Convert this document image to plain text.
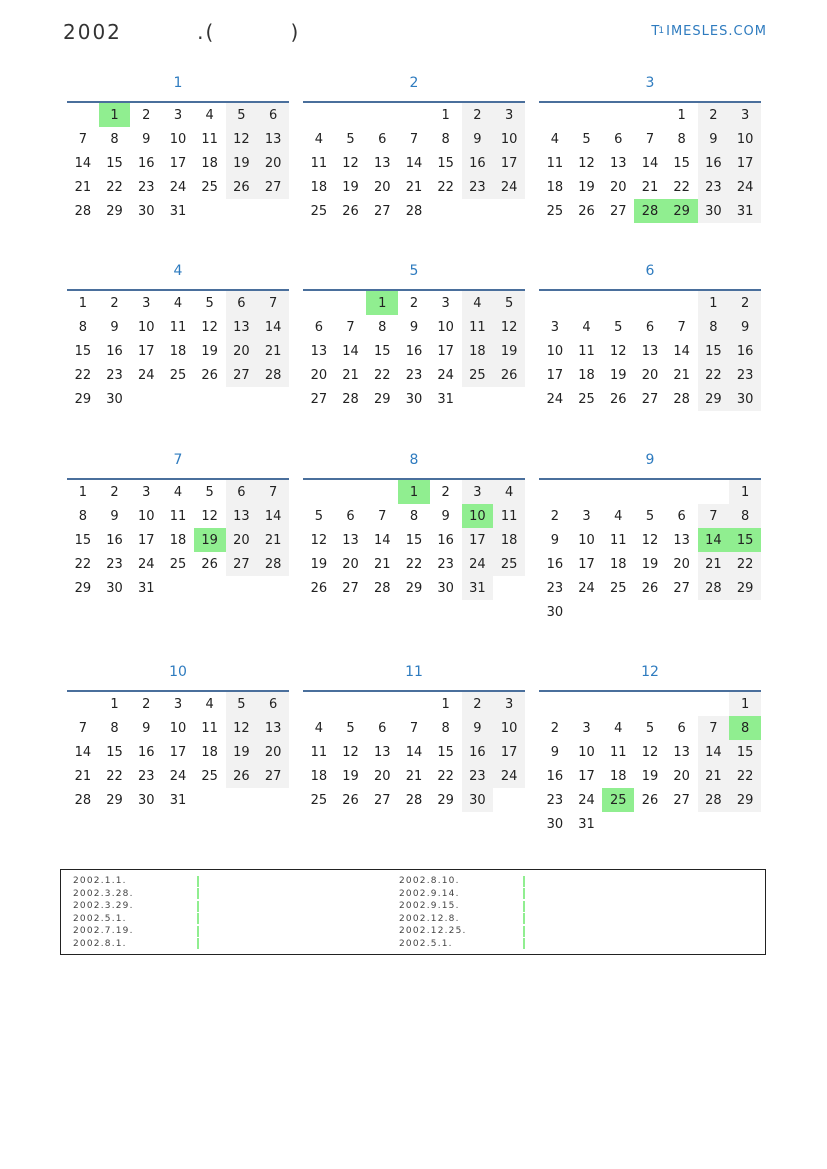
2002         .(         )	T1IMESLES.COM
1
	1	2	3	4	5	6
7	8	9	10	11	12	13
14	15	16	17	18	19	20
21	22	23	24	25	26	27
28	29	30	31			
2
				1	2	3
4	5	6	7	8	9	10
11	12	13	14	15	16	17
18	19	20	21	22	23	24
25	26	27	28			
3
				1	2	3
4	5	6	7	8	9	10
11	12	13	14	15	16	17
18	19	20	21	22	23	24
25	26	27	28	29	30	31
4
1	2	3	4	5	6	7
8	9	10	11	12	13	14
15	16	17	18	19	20	21
22	23	24	25	26	27	28
29	30					
5
		1	2	3	4	5
6	7	8	9	10	11	12
13	14	15	16	17	18	19
20	21	22	23	24	25	26
27	28	29	30	31		
6
					1	2
3	4	5	6	7	8	9
10	11	12	13	14	15	16
17	18	19	20	21	22	23
24	25	26	27	28	29	30
7
1	2	3	4	5	6	7
8	9	10	11	12	13	14
15	16	17	18	19	20	21
22	23	24	25	26	27	28
29	30	31				
8
			1	2	3	4
5	6	7	8	9	10	11
12	13	14	15	16	17	18
19	20	21	22	23	24	25
26	27	28	29	30	31	
9
						1
2	3	4	5	6	7	8
9	10	11	12	13	14	15
16	17	18	19	20	21	22
23	24	25	26	27	28	29
30						
10
	1	2	3	4	5	6
7	8	9	10	11	12	13
14	15	16	17	18	19	20
21	22	23	24	25	26	27
28	29	30	31			
11
				1	2	3
4	5	6	7	8	9	10
11	12	13	14	15	16	17
18	19	20	21	22	23	24
25	26	27	28	29	30	
12
						1
2	3	4	5	6	7	8
9	10	11	12	13	14	15
16	17	18	19	20	21	22
23	24	25	26	27	28	29
30	31					
2002.1.1.
2002.3.28.
2002.3.29.
2002.5.1.
2002.7.19.
2002.8.1.
2002.8.10.
2002.9.14.
2002.9.15.
2002.12.8.
2002.12.25.
2002.5.1.
